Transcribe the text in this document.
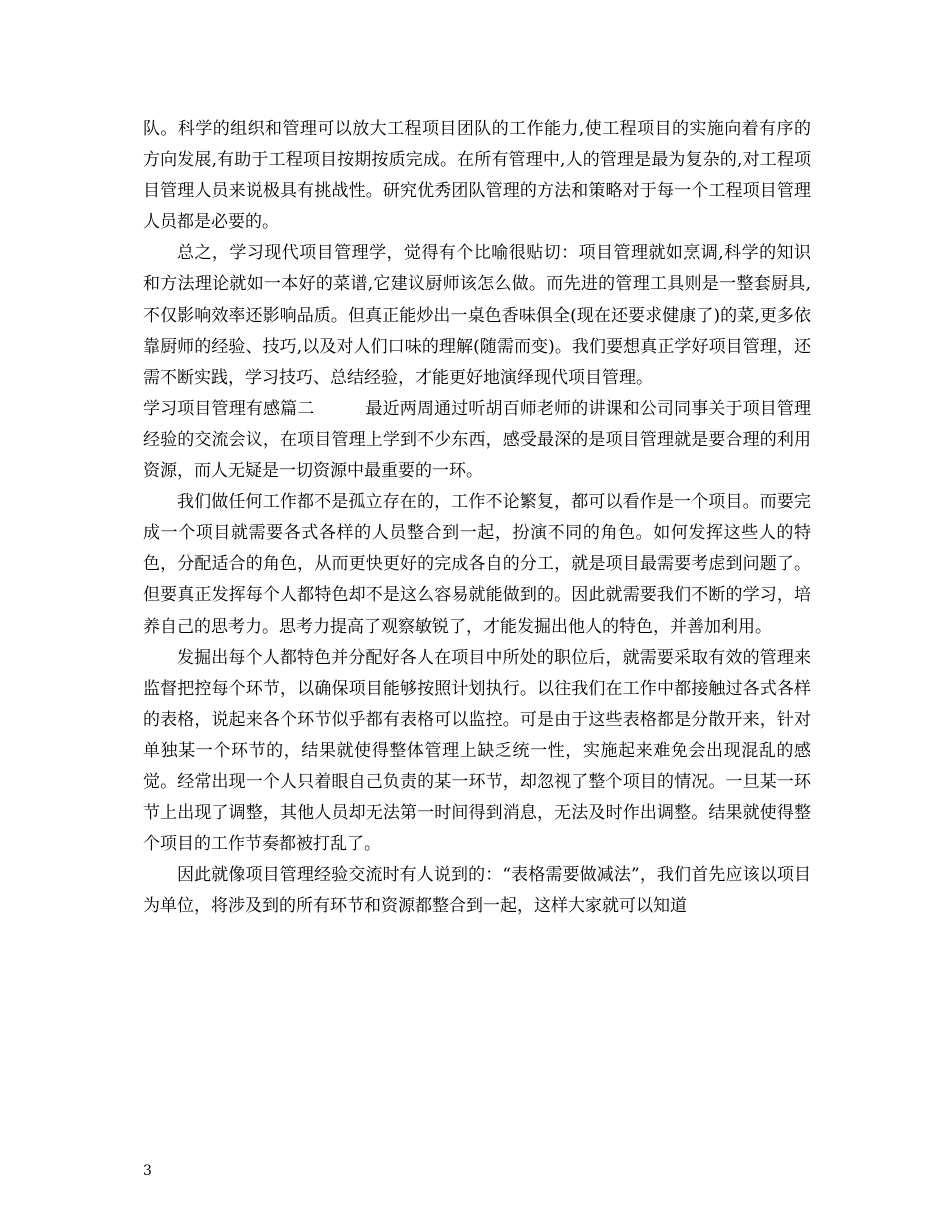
队。科学的组织和管理可以放大工程项目团队的工作能力,使工程项目的实施向着有序的方向发展,有助于工程项目按期按质完成。在所有管理中,人的管理是最为复杂的,对工程项目管理人员来说极具有挑战性。研究优秀团队管理的方法和策略对于每一个工程项目管理人员都是必要的。

总之，学习现代项目管理学，觉得有个比喻很贴切：项目管理就如烹调,科学的知识和方法理论就如一本好的菜谱,它建议厨师该怎么做。而先进的管理工具则是一整套厨具,不仅影响效率还影响品质。但真正能炒出一桌色香味俱全(现在还要求健康了)的菜,更多依靠厨师的经验、技巧,以及对人们口味的理解(随需而变)。我们要想真正学好项目管理，还需不断实践，学习技巧、总结经验，才能更好地演绎现代项目管理。

学习项目管理有感篇二	最近两周通过听胡百师老师的讲课和公司同事关于项目管理经验的交流会议，在项目管理上学到不少东西，感受最深的是项目管理就是要合理的利用资源，而人无疑是一切资源中最重要的一环。

我们做任何工作都不是孤立存在的，工作不论繁复，都可以看作是一个项目。而要完成一个项目就需要各式各样的人员整合到一起，扮演不同的角色。如何发挥这些人的特色，分配适合的角色，从而更快更好的完成各自的分工，就是项目最需要考虑到问题了。但要真正发挥每个人都特色却不是这么容易就能做到的。因此就需要我们不断的学习，培养自己的思考力。思考力提高了观察敏锐了，才能发掘出他人的特色，并善加利用。

发掘出每个人都特色并分配好各人在项目中所处的职位后，就需要采取有效的管理来监督把控每个环节，以确保项目能够按照计划执行。以往我们在工作中都接触过各式各样的表格，说起来各个环节似乎都有表格可以监控。可是由于这些表格都是分散开来，针对单独某一个环节的，结果就使得整体管理上缺乏统一性，实施起来难免会出现混乱的感觉。经常出现一个人只着眼自己负责的某一环节，却忽视了整个项目的情况。一旦某一环节上出现了调整，其他人员却无法第一时间得到消息，无法及时作出调整。结果就使得整个项目的工作节奏都被打乱了。

因此就像项目管理经验交流时有人说到的：“表格需要做减法”，我们首先应该以项目为单位，将涉及到的所有环节和资源都整合到一起，这样大家就可以知道

3
